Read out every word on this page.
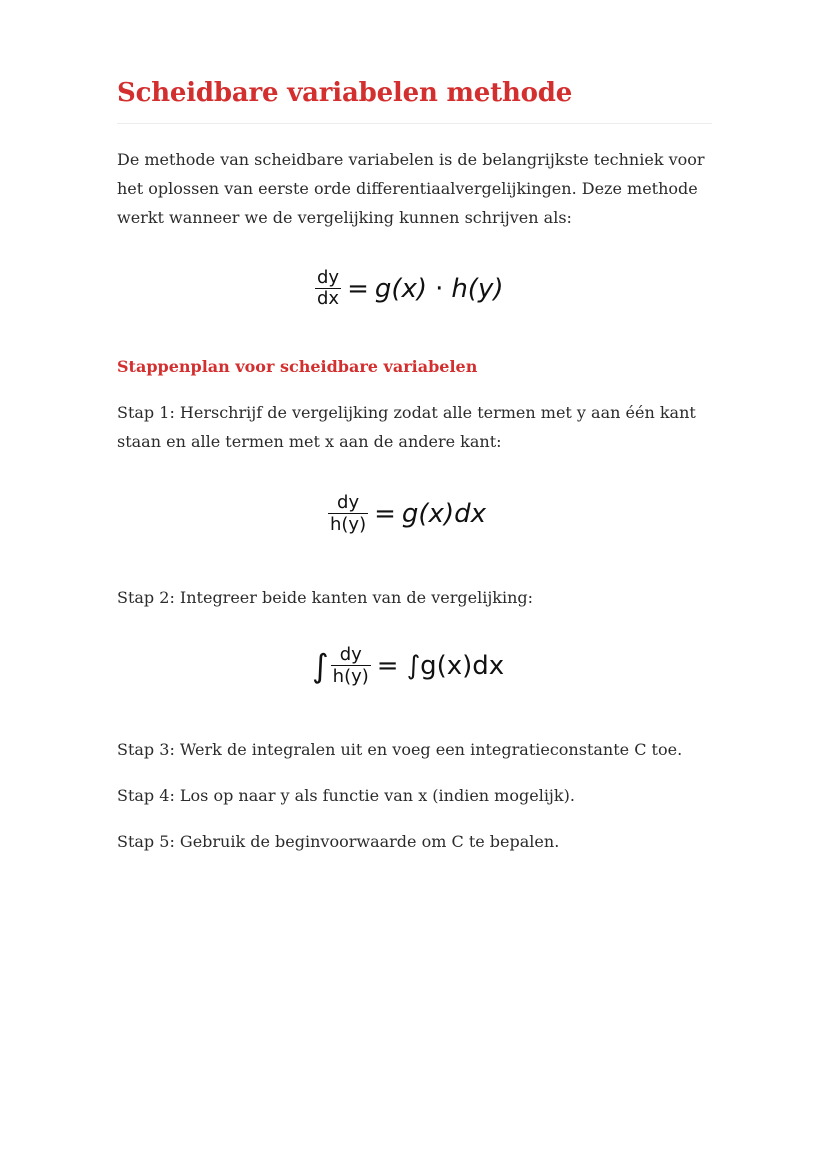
Scheidbare variabelen methode

De methode van scheidbare variabelen is de belangrijkste techniek voor het oplossen van eerste orde differentiaalvergelijkingen. Deze methode werkt wanneer we de vergelijking kunnen schrijven als:

Stappenplan voor scheidbare variabelen

Stap 1: Herschrijf de vergelijking zodat alle termen met y aan één kant staan en alle termen met x aan de andere kant:

Stap 2: Integreer beide kanten van de vergelijking:

Stap 3: Werk de integralen uit en voeg een integratieconstante C toe.

Stap 4: Los op naar y als functie van x (indien mogelijk).

Stap 5: Gebruik de beginvoorwaarde om C te bepalen.

$\frac{dy}{dx} = g(x) \cdot h(y)$
$\frac{dy}{h(y)} = g(x)dx$
∫ $\frac{dy}{h(y)} = \int g(x)dx$
